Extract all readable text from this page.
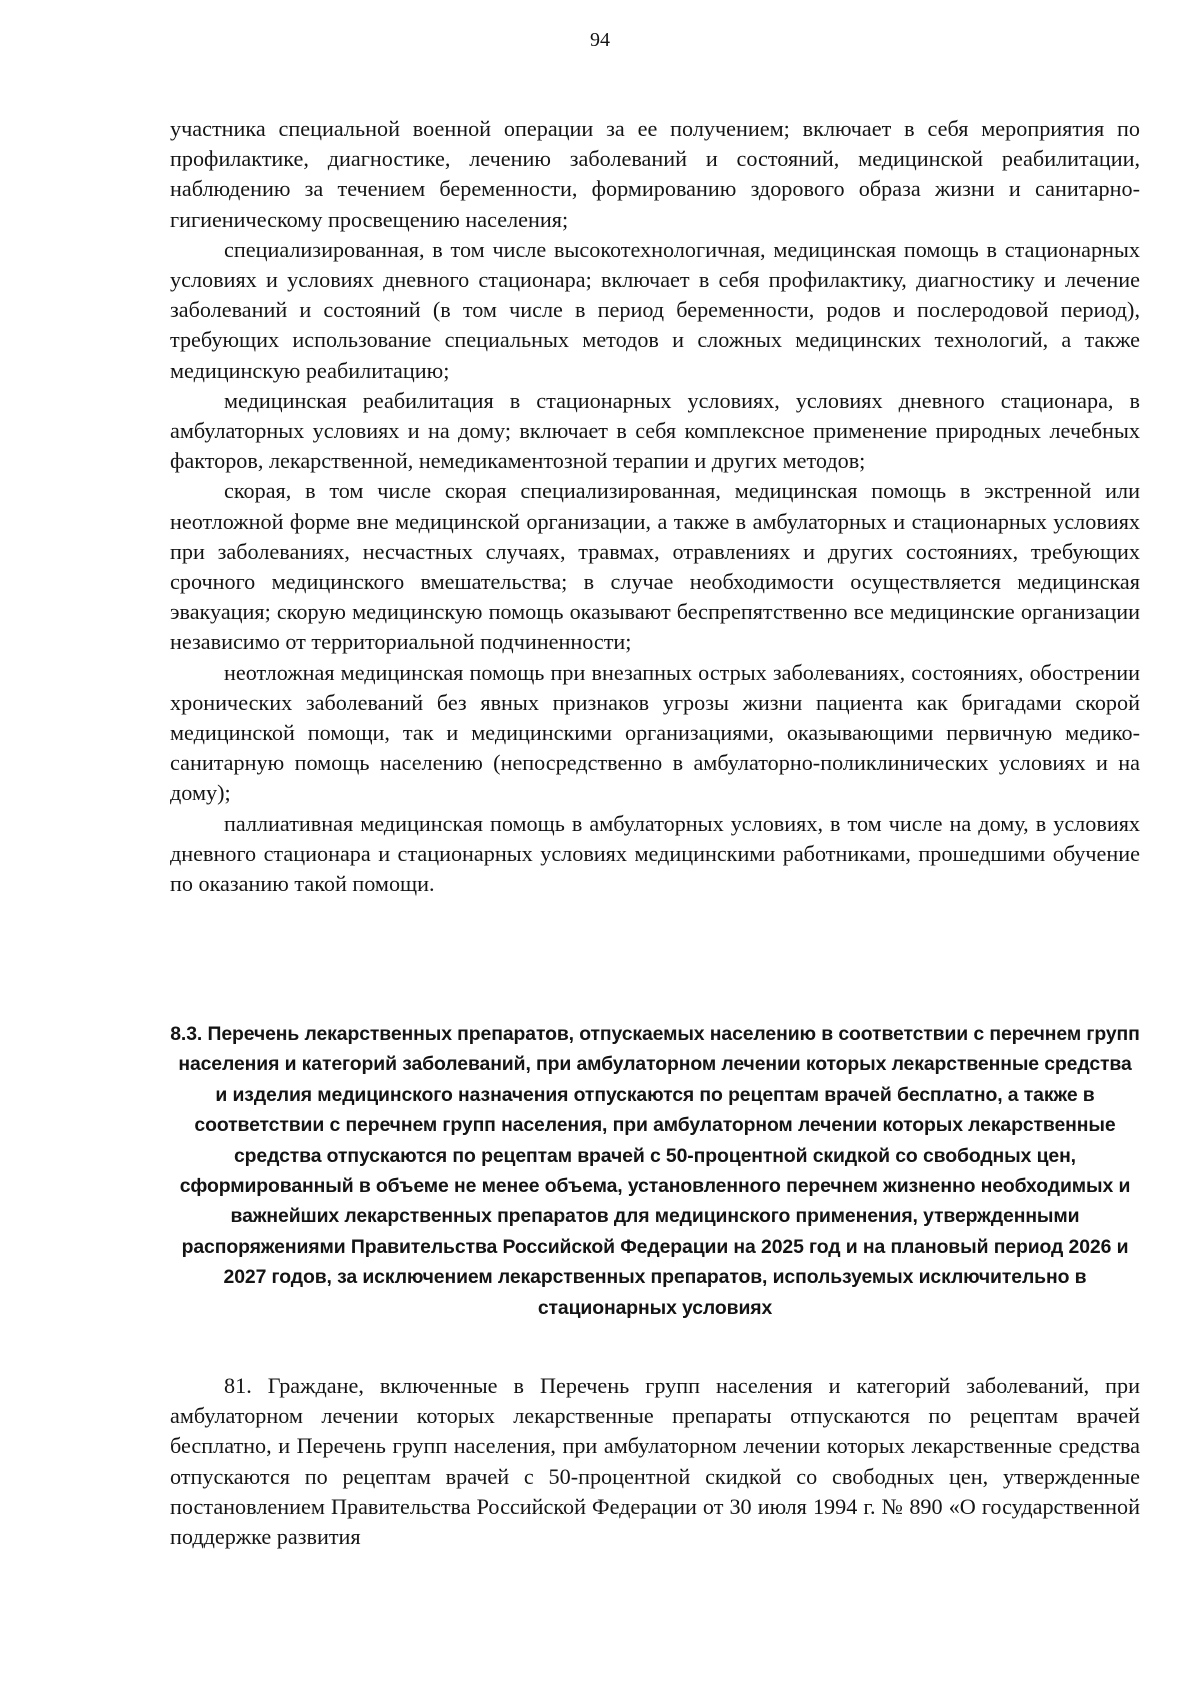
94

участника специальной военной операции за ее получением; включает в себя мероприятия по профилактике, диагностике, лечению заболеваний и состояний, медицинской реабилитации, наблюдению за течением беременности, формированию здорового образа жизни и санитарно-гигиеническому просвещению населения;

специализированная, в том числе высокотехнологичная, медицинская помощь в стационарных условиях и условиях дневного стационара; включает в себя профилактику, диагностику и лечение заболеваний и состояний (в том числе в период беременности, родов и послеродовой период), требующих использование специальных методов и сложных медицинских технологий, а также медицинскую реабилитацию;

медицинская реабилитация в стационарных условиях, условиях дневного стационара, в амбулаторных условиях и на дому; включает в себя комплексное применение природных лечебных факторов, лекарственной, немедикаментозной терапии и других методов;

скорая, в том числе скорая специализированная, медицинская помощь в экстренной или неотложной форме вне медицинской организации, а также в амбулаторных и стационарных условиях при заболеваниях, несчастных случаях, травмах, отравлениях и других состояниях, требующих срочного медицинского вмешательства; в случае необходимости осуществляется медицинская эвакуация; скорую медицинскую помощь оказывают беспрепятственно все медицинские организации независимо от территориальной подчиненности;

неотложная медицинская помощь при внезапных острых заболеваниях, состояниях, обострении хронических заболеваний без явных признаков угрозы жизни пациента как бригадами скорой медицинской помощи, так и медицинскими организациями, оказывающими первичную медико-санитарную помощь населению (непосредственно в амбулаторно-поликлинических условиях и на дому);

паллиативная медицинская помощь в амбулаторных условиях, в том числе на дому, в условиях дневного стационара и стационарных условиях медицинскими работниками, прошедшими обучение по оказанию такой помощи.

8.3. Перечень лекарственных препаратов, отпускаемых населению в соответствии с перечнем групп населения и категорий заболеваний, при амбулаторном лечении которых лекарственные средства и изделия медицинского назначения отпускаются по рецептам врачей бесплатно, а также в соответствии с перечнем групп населения, при амбулаторном лечении которых лекарственные средства отпускаются по рецептам врачей с 50-процентной скидкой со свободных цен, сформированный в объеме не менее объема, установленного перечнем жизненно необходимых и важнейших лекарственных препаратов для медицинского применения, утвержденными распоряжениями Правительства Российской Федерации на 2025 год и на плановый период 2026 и 2027 годов, за исключением лекарственных препаратов, используемых исключительно в стационарных условиях

81. Граждане, включенные в Перечень групп населения и категорий заболеваний, при амбулаторном лечении которых лекарственные препараты отпускаются по рецептам врачей бесплатно, и Перечень групп населения, при амбулаторном лечении которых лекарственные средства отпускаются по рецептам врачей с 50-процентной скидкой со свободных цен, утвержденные постановлением Правительства Российской Федерации от 30 июля 1994 г. № 890 «О государственной поддержке развития
